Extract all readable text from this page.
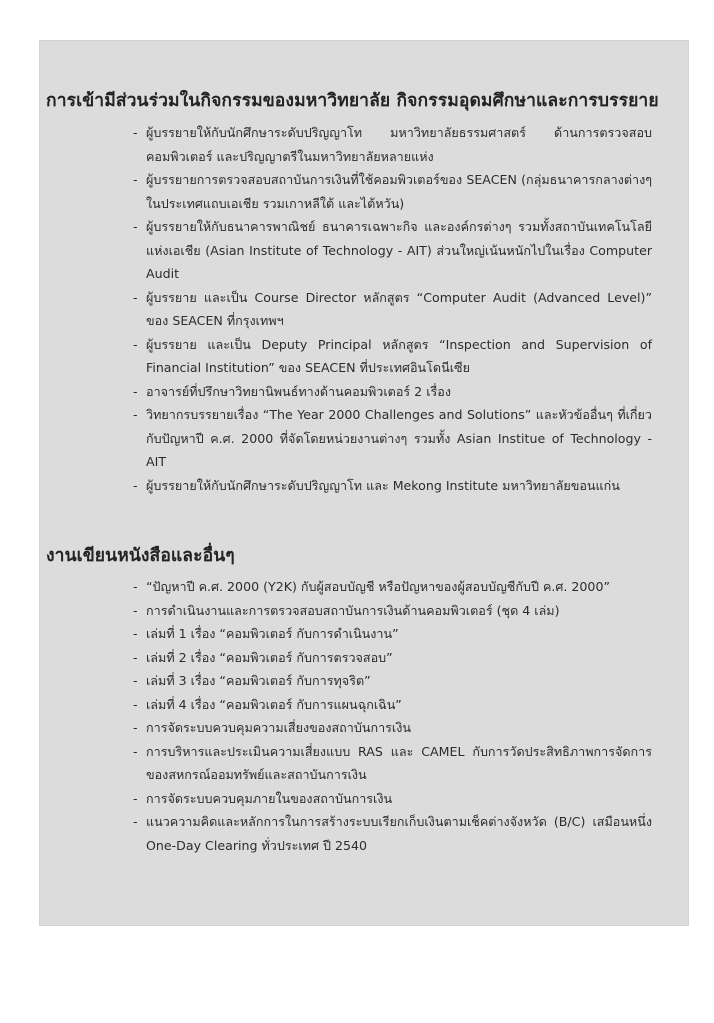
การเข้ามีส่วนร่วมในกิจกรรมของมหาวิทยาลัย กิจกรรมอุดมศึกษาและการบรรยาย
- ผู้บรรยายให้กับนักศึกษาระดับปริญญาโท มหาวิทยาลัยธรรมศาสตร์ ด้านการตรวจสอบคอมพิวเตอร์ และปริญญาตรีในมหาวิทยาลัยหลายแห่ง
- ผู้บรรยายการตรวจสอบสถาบันการเงินที่ใช้คอมพิวเตอร์ของ SEACEN (กลุ่มธนาคารกลางต่างๆ ในประเทศแถบเอเชีย รวมเกาหลีใต้ และไต้หวัน)
- ผู้บรรยายให้กับธนาคารพาณิชย์ ธนาคารเฉพาะกิจ และองค์กรต่างๆ รวมทั้งสถาบันเทคโนโลยีแห่งเอเชีย (Asian Institute of Technology - AIT) ส่วนใหญ่เน้นหนักไปในเรื่อง Computer Audit
- ผู้บรรยาย และเป็น Course Director หลักสูตร “Computer Audit (Advanced Level)” ของ SEACEN ที่กรุงเทพฯ
- ผู้บรรยาย และเป็น Deputy Principal หลักสูตร “Inspection and Supervision of Financial Institution” ของ SEACEN ที่ประเทศอินโดนีเซีย
- อาจารย์ที่ปรึกษาวิทยานิพนธ์ทางด้านคอมพิวเตอร์ 2 เรื่อง
- วิทยากรบรรยายเรื่อง “The Year 2000 Challenges and Solutions” และหัวข้ออื่นๆ ที่เกี่ยวกับปัญหาปี ค.ศ. 2000 ที่จัดโดยหน่วยงานต่างๆ รวมทั้ง Asian Institue of Technology - AIT
- ผู้บรรยายให้กับนักศึกษาระดับปริญญาโท และ Mekong Institute มหาวิทยาลัยขอนแก่น
งานเขียนหนังสือและอื่นๆ
- “ปัญหาปี ค.ศ. 2000 (Y2K) กับผู้สอบบัญชี หรือปัญหาของผู้สอบบัญชีกับปี ค.ศ. 2000”
- การดำเนินงานและการตรวจสอบสถาบันการเงินด้านคอมพิวเตอร์ (ชุด 4 เล่ม)
- เล่มที่ 1 เรื่อง “คอมพิวเตอร์ กับการดำเนินงาน”
- เล่มที่ 2 เรื่อง “คอมพิวเตอร์ กับการตรวจสอบ”
- เล่มที่ 3 เรื่อง “คอมพิวเตอร์ กับการทุจริต”
- เล่มที่ 4 เรื่อง “คอมพิวเตอร์ กับการแผนฉุกเฉิน”
- การจัดระบบควบคุมความเสี่ยงของสถาบันการเงิน
- การบริหารและประเมินความเสี่ยงแบบ RAS และ CAMEL กับการวัดประสิทธิภาพการจัดการของสหกรณ์ออมทรัพย์และสถาบันการเงิน
- การจัดระบบควบคุมภายในของสถาบันการเงิน
- แนวความคิดและหลักการในการสร้างระบบเรียกเก็บเงินตามเช็คต่างจังหวัด (B/C) เสมือนหนึ่ง One-Day Clearing ทั่วประเทศ ปี 2540
